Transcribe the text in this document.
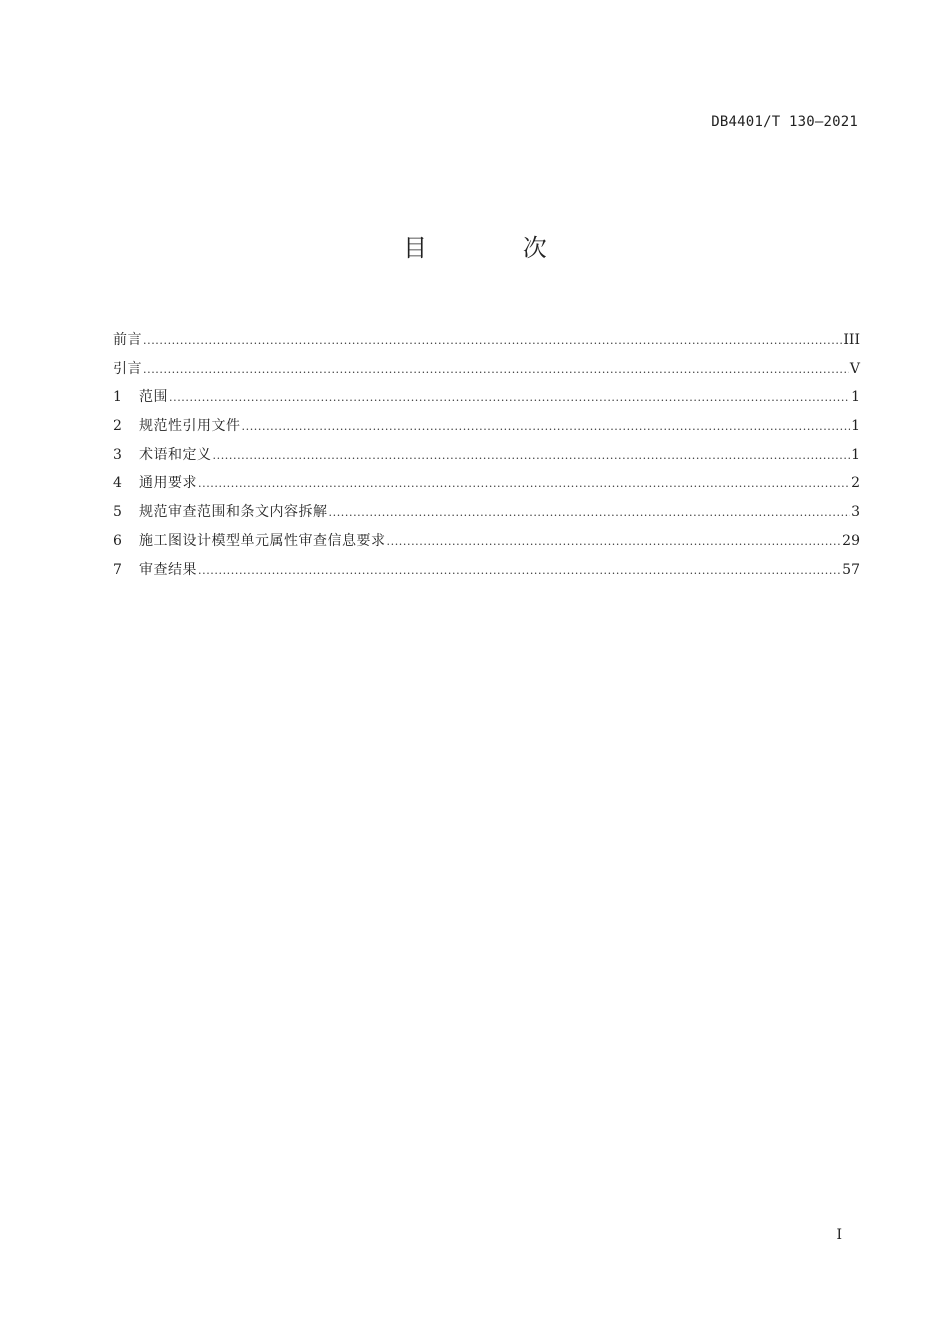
DB4401/T 130—2021
目 次
前言 .....	III
引言 .....	V
1	范围 .....	1
2	规范性引用文件 .....	1
3	术语和定义 .....	1
4	通用要求 .....	2
5	规范审查范围和条文内容拆解 .....	3
6	施工图设计模型单元属性审查信息要求 .....	29
7	审查结果 .....	57
I
